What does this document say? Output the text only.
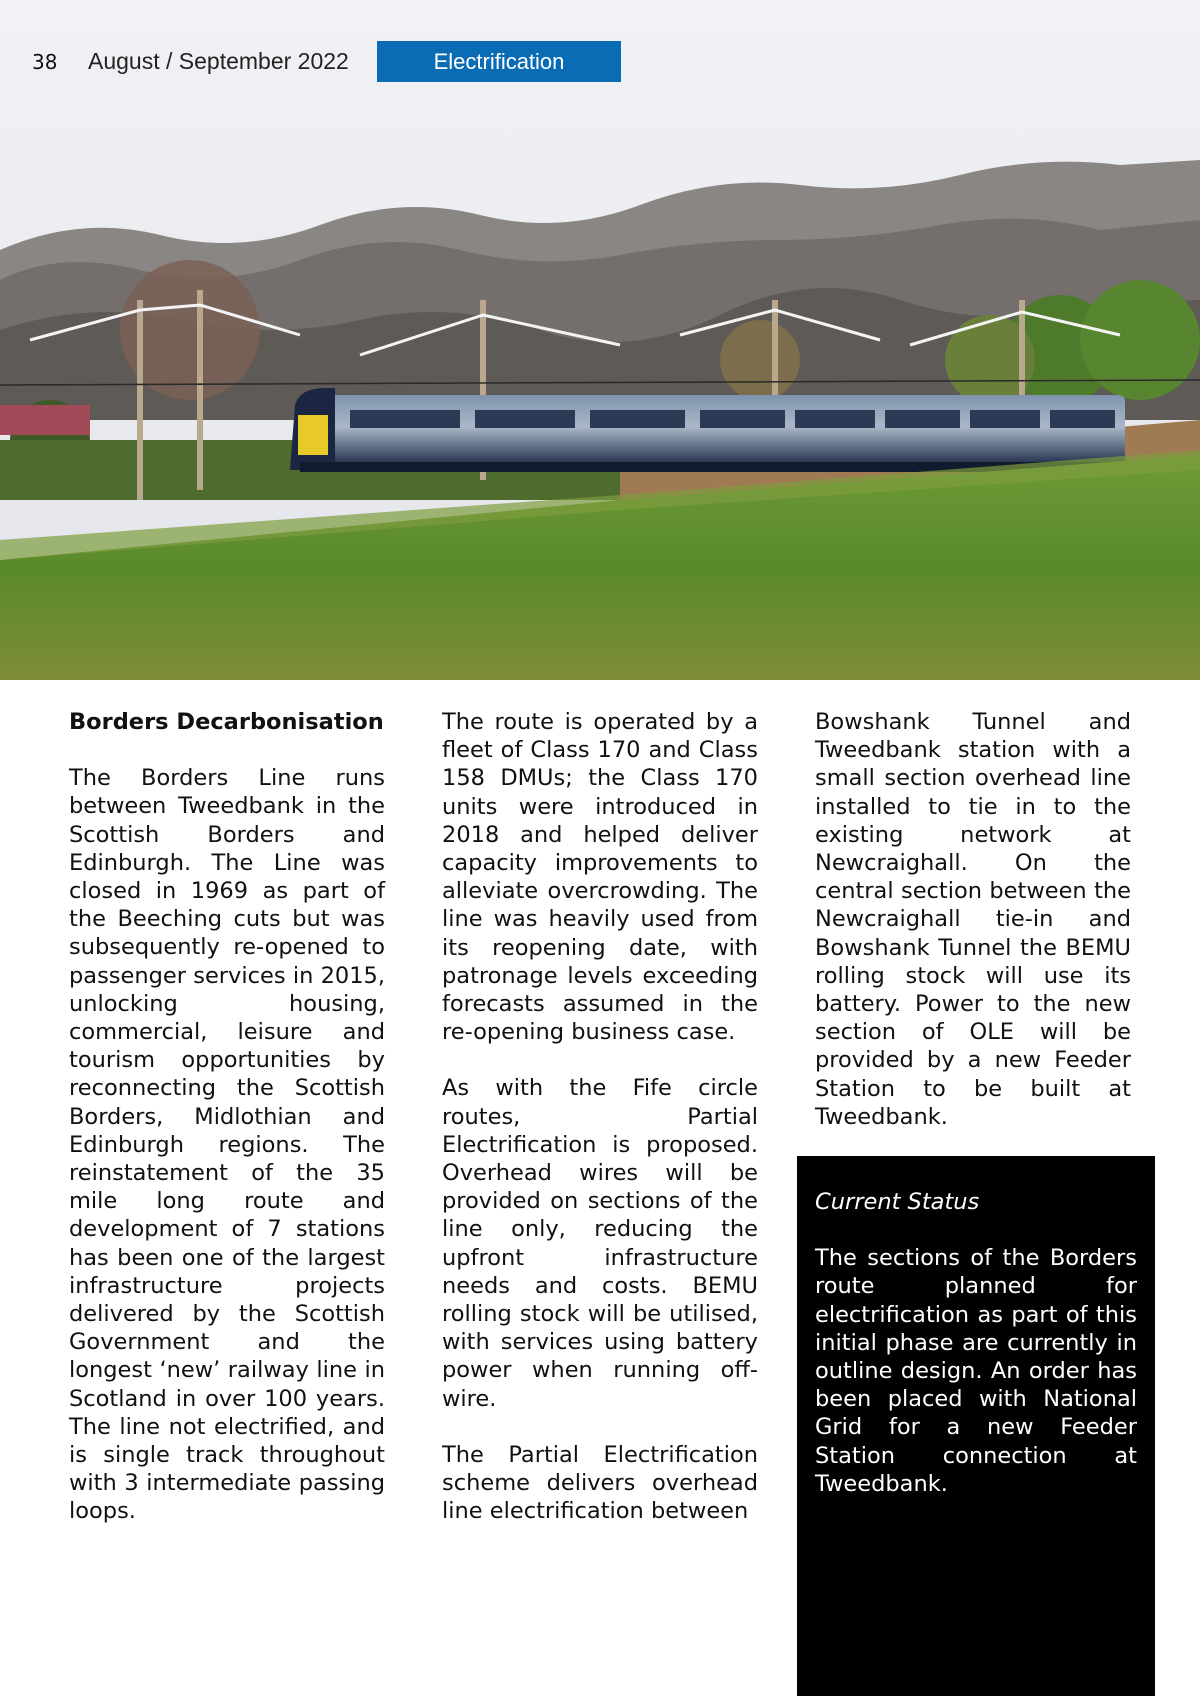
38 August / September 2022	Electrification
Borders Decarbonisation

The Borders Line runs between Tweedbank in the Scottish Borders and Edinburgh. The Line was closed in 1969 as part of the Beeching cuts but was subsequently re-opened to passenger services in 2015, unlocking housing, commercial, leisure and tourism opportunities by reconnecting the Scottish Borders, Midlothian and Edinburgh regions. The reinstatement of the 35 mile long route and development of 7 stations has been one of the largest infrastructure projects delivered by the Scottish Government and the longest ‘new’ railway line in Scotland in over 100 years. The line not electrified, and is single track throughout with 3 intermediate passing loops.

The route is operated by a fleet of Class 170 and Class 158 DMUs; the Class 170 units were introduced in 2018 and helped deliver capacity improvements to alleviate overcrowding. The line was heavily used from its reopening date, with patronage levels exceeding forecasts assumed in the re-opening business case.

As with the Fife circle routes, Partial Electrification is proposed. Overhead wires will be provided on sections of the line only, reducing the upfront infrastructure needs and costs. BEMU rolling stock will be utilised, with services using battery power when running off-wire.

The Partial Electrification scheme delivers overhead line electrification between

Bowshank Tunnel and Tweedbank station with a small section overhead line installed to tie in to the existing network at Newcraighall. On the central section between the Newcraighall tie-in and Bowshank Tunnel the BEMU rolling stock will use its battery. Power to the new section of OLE will be provided by a new Feeder Station to be built at Tweedbank.

Current Status

The sections of the Borders route planned for electrification as part of this initial phase are currently in outline design. An order has been placed with National Grid for a new Feeder Station connection at Tweedbank.
